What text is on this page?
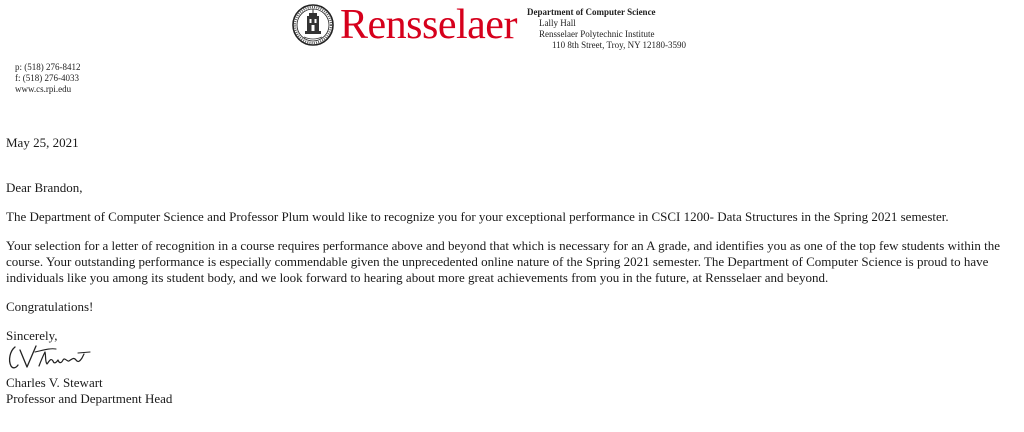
Rensselaer Department of Computer Science
Lally Hall
Rensselaer Polytechnic Institute
110 8th Street, Troy, NY 12180-3590
p: (518) 276-8412
f: (518) 276-4033
www.cs.rpi.edu
May 25, 2021
Dear Brandon,
The Department of Computer Science and Professor Plum would like to recognize you for your exceptional performance in CSCI 1200- Data Structures in the Spring 2021 semester.
Your selection for a letter of recognition in a course requires performance above and beyond that which is necessary for an A grade, and identifies you as one of the top few students within the course. Your outstanding performance is especially commendable given the unprecedented online nature of the Spring 2021 semester. The Department of Computer Science is proud to have individuals like you among its student body, and we look forward to hearing about more great achievements from you in the future, at Rensselaer and beyond.
Congratulations!
Sincerely,
Charles V. Stewart
Professor and Department Head
